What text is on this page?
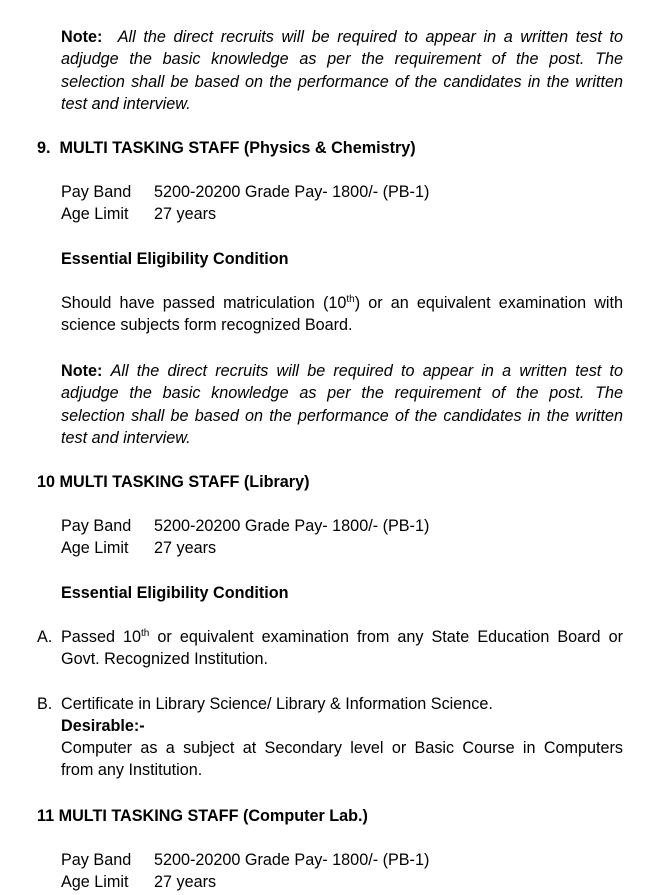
Note: All the direct recruits will be required to appear in a written test to
adjudge the basic knowledge as per the requirement of the post. The
selection shall be based on the performance of the candidates in the written
test and interview.
9. MULTI TASKING STAFF (Physics & Chemistry)
Pay Band 5200-20200 Grade Pay- 1800/- (PB-1)
Age Limit 27 years
Essential Eligibility Condition
Should have passed matriculation (10th) or an equivalent examination with
science subjects form recognized Board.
Note: All the direct recruits will be required to appear in a written test to
adjudge the basic knowledge as per the requirement of the post. The
selection shall be based on the performance of the candidates in the written
test and interview.
10 MULTI TASKING STAFF (Library)
Pay Band 5200-20200 Grade Pay- 1800/- (PB-1)
Age Limit 27 years
Essential Eligibility Condition
A. Passed 10th or equivalent examination from any State Education Board or
Govt. Recognized Institution.
B. Certificate in Library Science/ Library & Information Science.
Desirable:-
Computer as a subject at Secondary level or Basic Course in Computers
from any Institution.
11 MULTI TASKING STAFF (Computer Lab.)
Pay Band 5200-20200 Grade Pay- 1800/- (PB-1)
Age Limit 27 years
